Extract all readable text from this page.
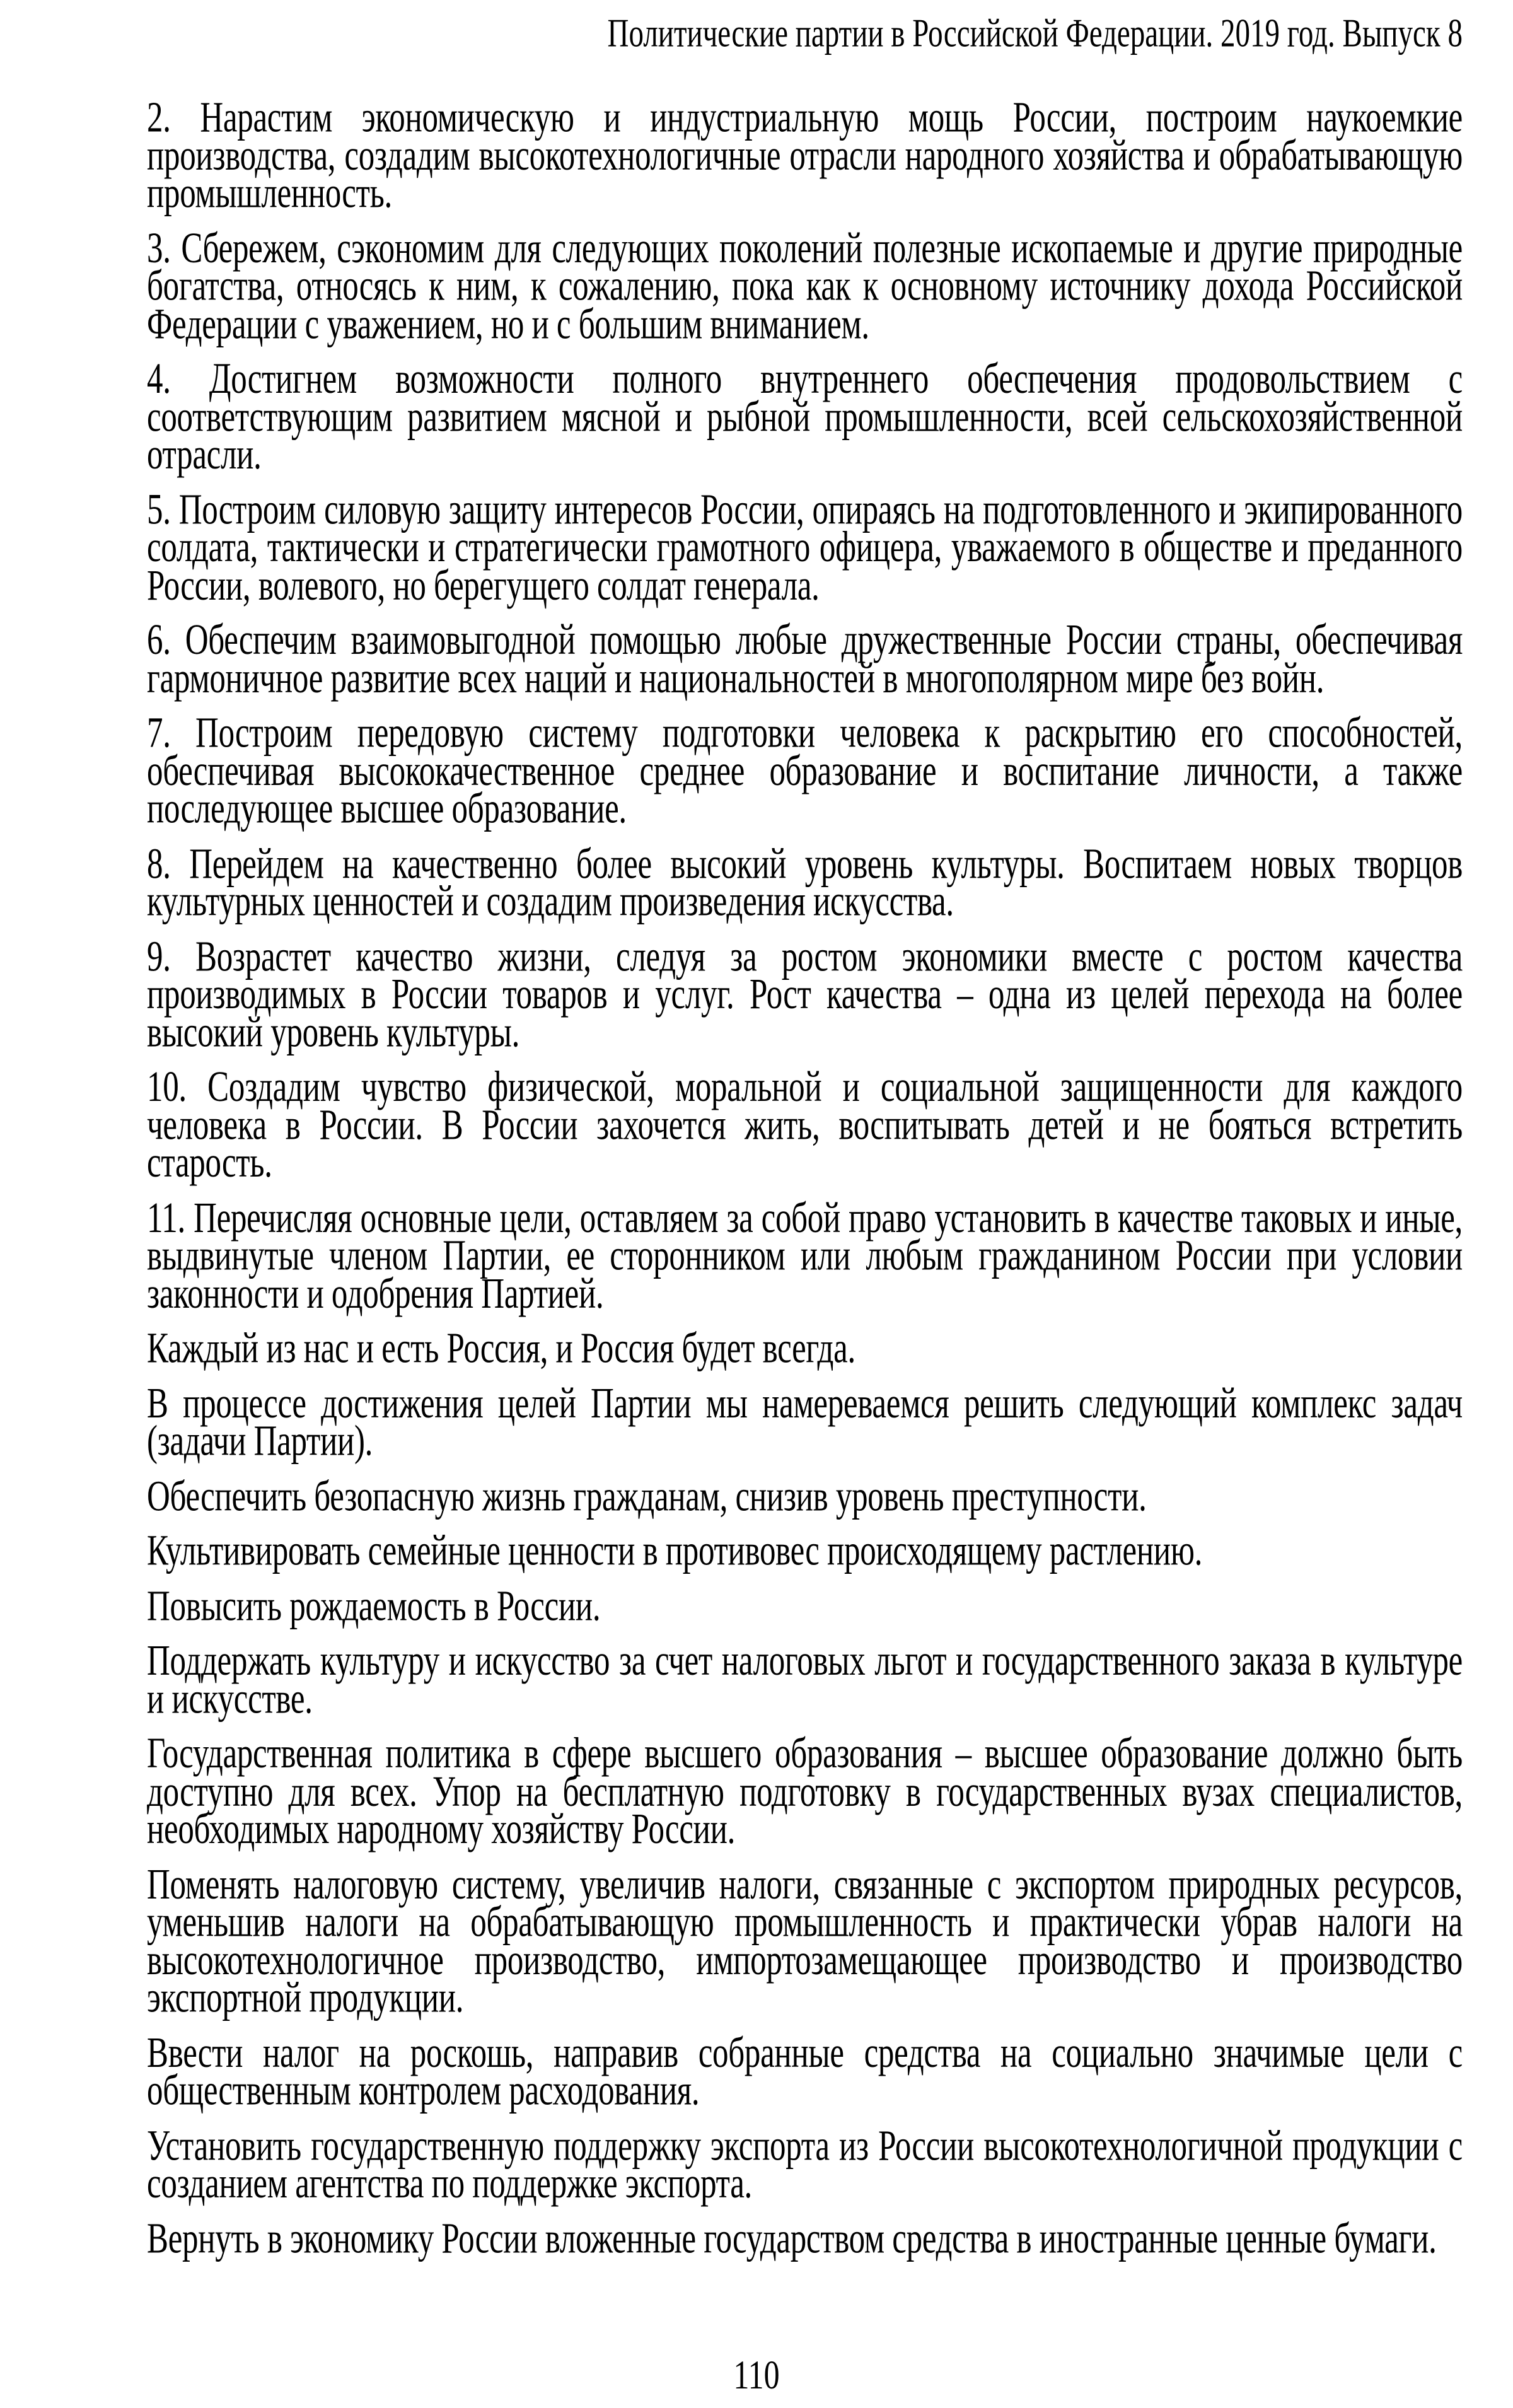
Политические партии в Российской Федерации. 2019 год. Выпуск 8

2. Нарастим экономическую и индустриальную мощь России, построим наукоемкие производства, создадим высокотехнологичные отрасли народного хозяйства и обрабатывающую промышленность.

3. Сбережем, сэкономим для следующих поколений полезные ископаемые и другие природные богатства, относясь к ним, к сожалению, пока как к основному источнику дохода Российской Федерации с уважением, но и с большим вниманием.

4. Достигнем возможности полного внутреннего обеспечения продовольствием с соответствующим развитием мясной и рыбной промышленности, всей сельскохозяйственной отрасли.

5. Построим силовую защиту интересов России, опираясь на подготовленного и экипированного солдата, тактически и стратегически грамотного офицера, уважаемого в обществе и преданного России, волевого, но берегущего солдат генерала.

6. Обеспечим взаимовыгодной помощью любые дружественные России страны, обеспечивая гармоничное развитие всех наций и национальностей в многополярном мире без войн.

7. Построим передовую систему подготовки человека к раскрытию его способностей, обеспечивая высококачественное среднее образование и воспитание личности, а также последующее высшее образование.

8. Перейдем на качественно более высокий уровень культуры. Воспитаем новых творцов культурных ценностей и создадим произведения искусства.

9. Возрастет качество жизни, следуя за ростом экономики вместе с ростом качества производимых в России товаров и услуг. Рост качества – одна из целей перехода на более высокий уровень культуры.

10. Создадим чувство физической, моральной и социальной защищенности для каждого человека в России. В России захочется жить, воспитывать детей и не бояться встретить старость.

11. Перечисляя основные цели, оставляем за собой право установить в качестве таковых и иные, выдвинутые членом Партии, ее сторонником или любым гражданином России при условии законности и одобрения Партией.

Каждый из нас и есть Россия, и Россия будет всегда.

В процессе достижения целей Партии мы намереваемся решить следующий комплекс задач (задачи Партии).

Обеспечить безопасную жизнь гражданам, снизив уровень преступности.

Культивировать семейные ценности в противовес происходящему растлению.

Повысить рождаемость в России.

Поддержать культуру и искусство за счет налоговых льгот и государственного заказа в культуре и искусстве.

Государственная политика в сфере высшего образования – высшее образование должно быть доступно для всех. Упор на бесплатную подготовку в государственных вузах специалистов, необходимых народному хозяйству России.

Поменять налоговую систему, увеличив налоги, связанные с экспортом природных ресурсов, уменьшив налоги на обрабатывающую промышленность и практически убрав налоги на высокотехнологичное производство, импортозамещающее производство и производство экспортной продукции.

Ввести налог на роскошь, направив собранные средства на социально значимые цели с общественным контролем расходования.

Установить государственную поддержку экспорта из России высокотехнологичной продукции с созданием агентства по поддержке экспорта.

Вернуть в экономику России вложенные государством средства в иностранные ценные бумаги.

110
